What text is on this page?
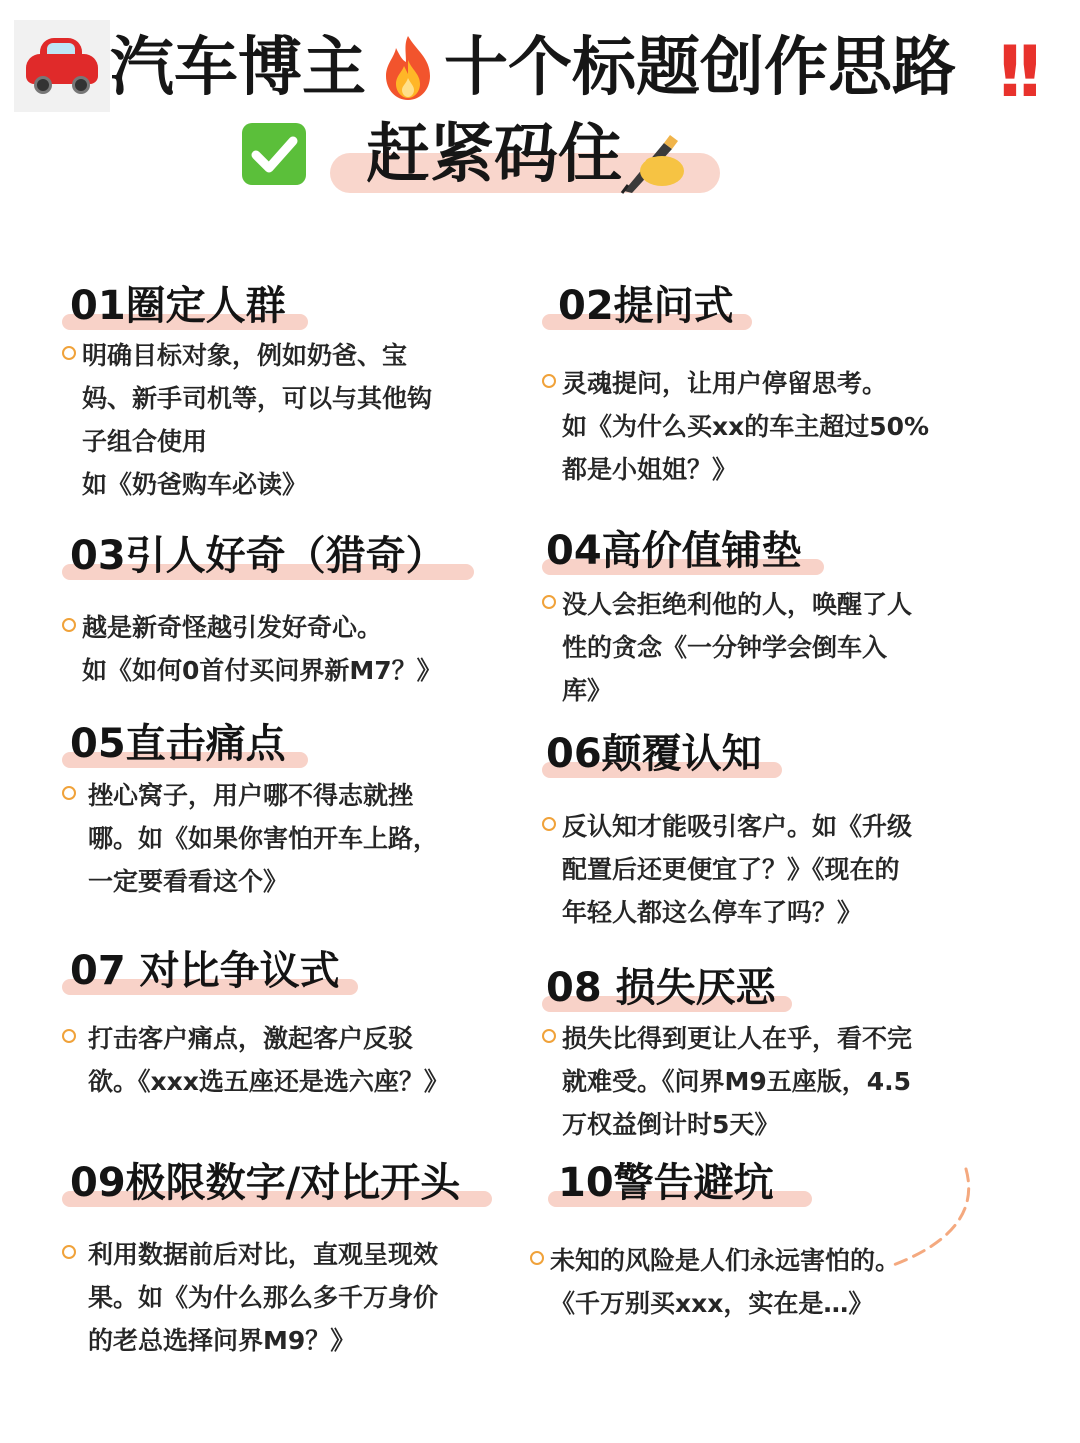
汽车博主 十个标题创作思路 !!
赶紧码住
01圈定人群
明确目标对象，例如奶爸、宝
妈、新手司机等，可以与其他钩
子组合使用
如《奶爸购车必读》
02提问式
灵魂提问，让用户停留思考。
如《为什么买xx的车主超过50%
都是小姐姐？》
03引人好奇（猎奇）
越是新奇怪越引发好奇心。
如《如何0首付买问界新M7？》
04高价值铺垫
没人会拒绝利他的人，唤醒了人
性的贪念《一分钟学会倒车入
库》
05直击痛点
挫心窝子，用户哪不得志就挫
哪。如《如果你害怕开车上路，
一定要看看这个》
06颠覆认知
反认知才能吸引客户。如《升级
配置后还更便宜了？》《现在的
年轻人都这么停车了吗？》
07 对比争议式
打击客户痛点，激起客户反驳
欲。《xxx选五座还是选六座？》
08 损失厌恶
损失比得到更让人在乎，看不完
就难受。《问界M9五座版，4.5
万权益倒计时5天》
09极限数字/对比开头
利用数据前后对比，直观呈现效
果。如《为什么那么多千万身价
的老总选择问界M9？》
10警告避坑
未知的风险是人们永远害怕的。
《千万别买xxx，实在是…》
